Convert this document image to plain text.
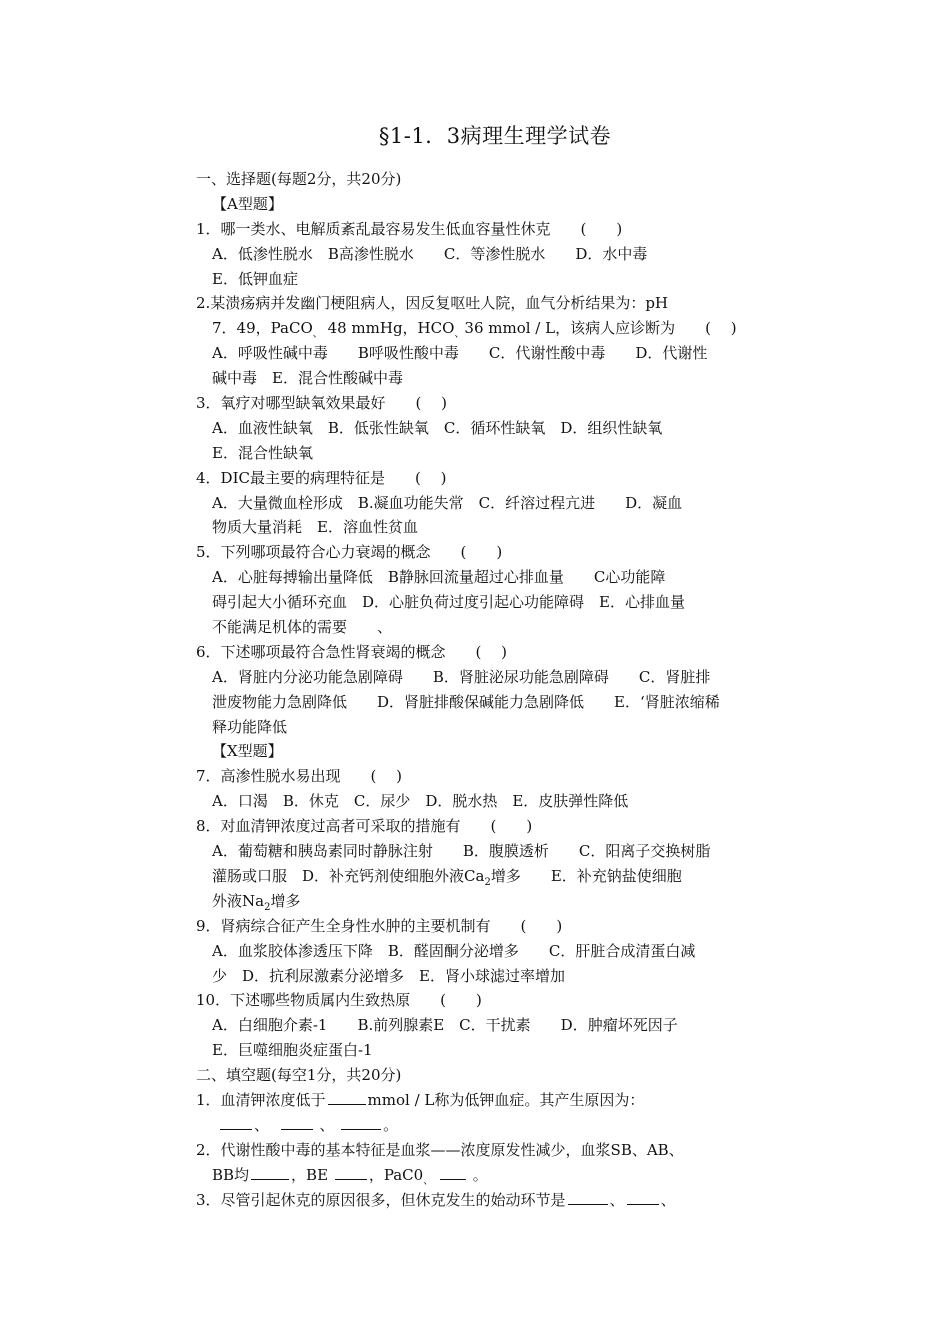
§1-1．3病理生理学试卷
一、选择题(每题2分，共20分)
【A型题】
1．哪一类水、电解质紊乱最容易发生低血容量性休克　　(　　)
A．低渗性脱水　B高渗性脱水　　C．等渗性脱水　　D．水中毒
E．低钾血症
2.某溃疡病并发幽门梗阻病人，因反复呕吐人院，血气分析结果为：pH
7．49，PaCO$_、$ 48 mmHg，$HCO_、36$ mmol / L，该病人应诊断为　　(　 )
A．呼吸性碱中毒　　B呼吸性酸中毒　　C．代谢性酸中毒　　D．代谢性
碱中毒　E．混合性酸碱中毒
3．氧疗对哪型缺氧效果最好　　(　 )
A．血液性缺氧　B．低张性缺氧　C．循环性缺氧　D．组织性缺氧
E．混合性缺氧
4．DIC最主要的病理特征是　　(　 )
A．大量微血栓形成　B.凝血功能失常　C．纤溶过程亢进　　D．凝血
物质大量消耗　E．溶血性贫血
5．下列哪项最符合心力衰竭的概念　　(　　)
A．心脏每搏输出量降低　B静脉回流量超过心排血量　　C心功能障
碍引起大小循环充血　D．心脏负荷过度引起心功能障碍　E．心排血量
不能满足机体的需要　　、
6．下述哪项最符合急性肾衰竭的概念　　(　 )
A．肾脏内分泌功能急剧障碍　　B．肾脏泌尿功能急剧障碍　　C．肾脏排
泄废物能力急剧降低　　D．肾脏排酸保碱能力急剧降低　　E．‘肾脏浓缩稀
释功能降低
【X型题】
7．高渗性脱水易出现　　(　 )
A．口渴　B．休克　C．尿少　D．脱水热　E．皮肤弹性降低
8．对血清钾浓度过高者可采取的措施有　　(　　)
A．葡萄糖和胰岛素同时静脉注射　　B．腹膜透析　　C．阳离子交换树脂
灌肠或口服　D．补充钙剂使细胞外液$Ca_2$增多　　E．补充钠盐使细胞
外液$Na_2$增多
9．肾病综合征产生全身性水肿的主要机制有　　(　　)
A．血浆胶体渗透压下降　B．醛固酮分泌增多　　C．肝脏合成清蛋白减
少　D．抗利尿激素分泌增多　E．肾小球滤过率增加
10．下述哪些物质属内生致热原　　(　　)
A．白细胞介素-1　　B.前列腺素E　C．干扰素　　D．肿瘤坏死因子
E．巨噬细胞炎症蛋白-1
二、填空题(每空1分，共20分)
1．血清钾浓度低于	mmol / L称为低钾血症。其产生原因为：
、	、	。
2．代谢性酸中毒的基本特征是血浆——浓度原发性减少，血浆SB、AB、
BB均	，BE	，$PaC0_、$	。
3．尽管引起休克的原因很多，但休克发生的始动环节是	、 、
